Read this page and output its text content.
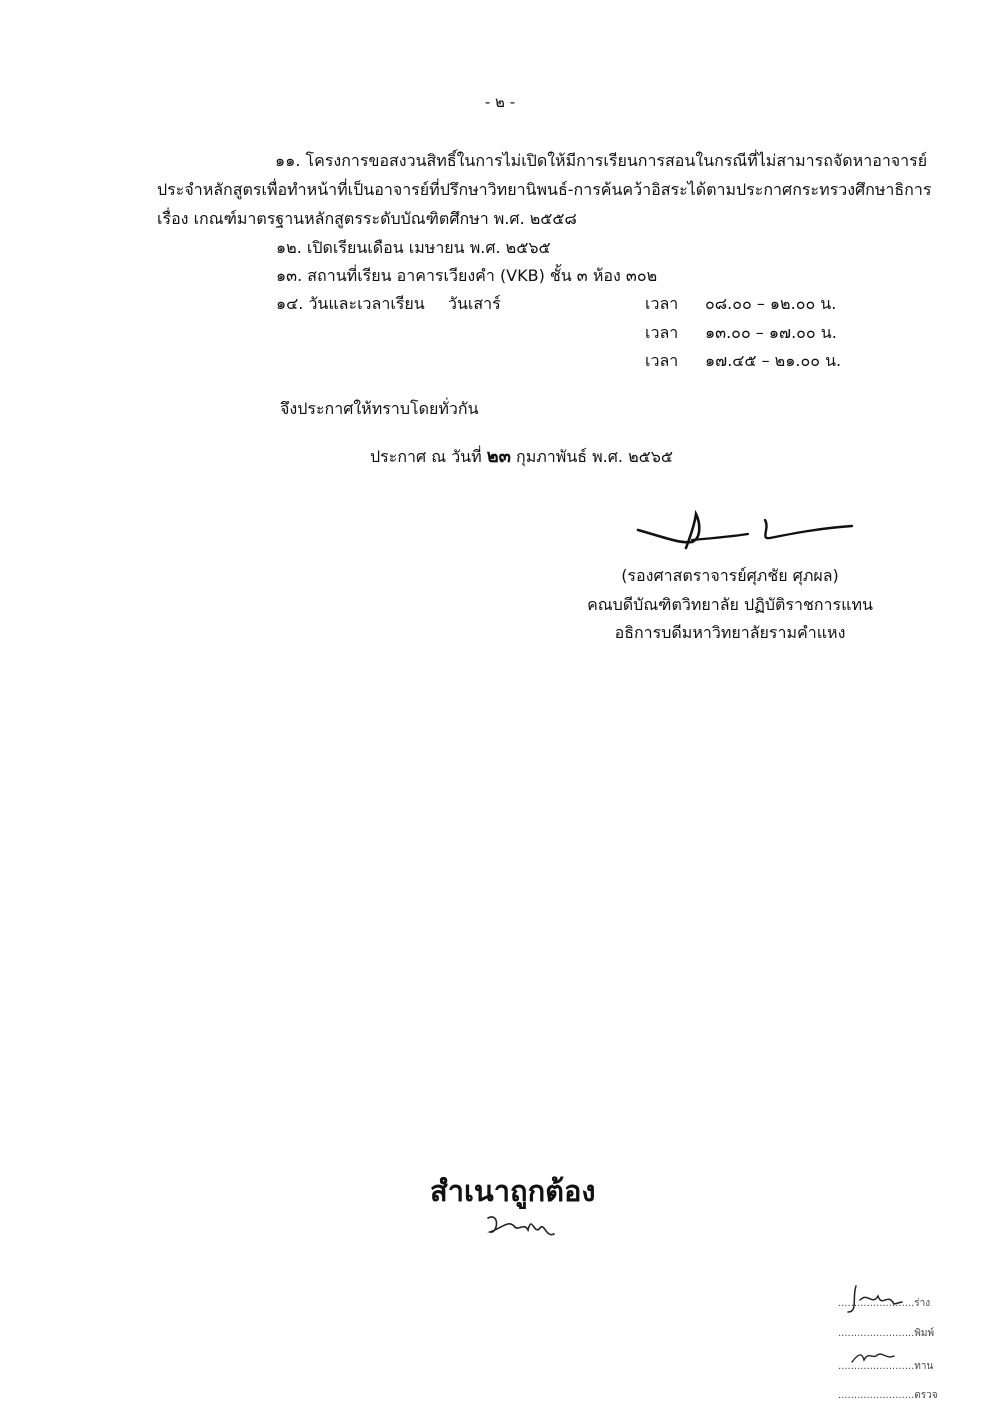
- ๒ -
๑๑. โครงการขอสงวนสิทธิ์ในการไม่เปิดให้มีการเรียนการสอนในกรณีที่ไม่สามารถจัดหาอาจารย์
ประจำหลักสูตรเพื่อทำหน้าที่เป็นอาจารย์ที่ปรึกษาวิทยานิพนธ์-การค้นคว้าอิสระได้ตามประกาศกระทรวงศึกษาธิการ
เรื่อง เกณฑ์มาตรฐานหลักสูตรระดับบัณฑิตศึกษา พ.ศ. ๒๕๕๘
๑๒. เปิดเรียนเดือน เมษายน พ.ศ. ๒๕๖๕
๑๓. สถานที่เรียน อาคารเวียงคำ (VKB) ชั้น ๓ ห้อง ๓๐๒
๑๔. วันและเวลาเรียน วันเสาร์	เวลา ๐๘.๐๐ – ๑๒.๐๐ น.
เวลา ๑๓.๐๐ – ๑๗.๐๐ น.
เวลา ๑๗.๔๕ – ๒๑.๐๐ น.
จึงประกาศให้ทราบโดยทั่วกัน
ประกาศ ณ วันที่ ๒๓ กุมภาพันธ์ พ.ศ. ๒๕๖๕
(รองศาสตราจารย์ศุภชัย ศุภผล)
คณบดีบัณฑิตวิทยาลัย ปฏิบัติราชการแทน
อธิการบดีมหาวิทยาลัยรามคำแหง
สำเนาถูกต้อง
........................ร่าง
........................พิมพ์
........................ทาน
........................ตรวจ
